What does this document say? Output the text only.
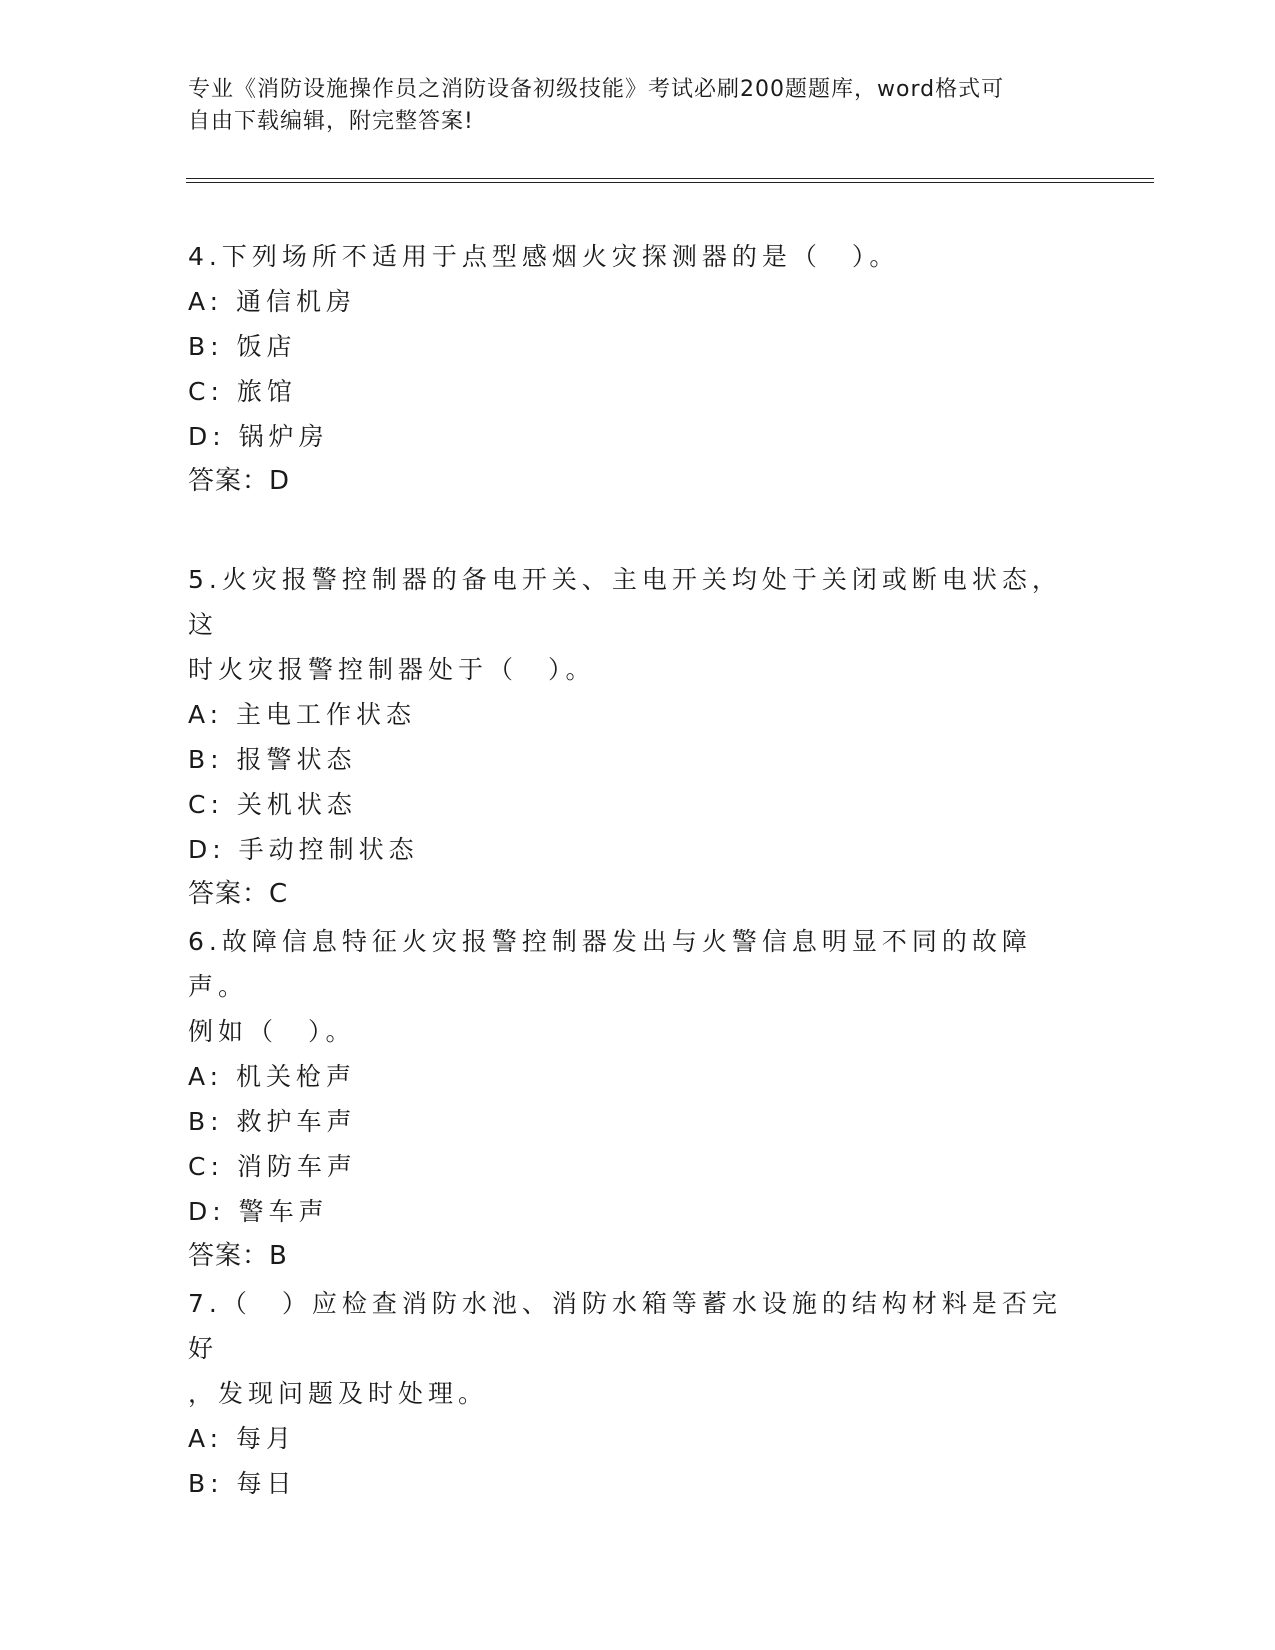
专业《消防设施操作员之消防设备初级技能》考试必刷200题题库，word格式可
自由下载编辑，附完整答案!

4.下列场所不适用于点型感烟火灾探测器的是（　）。

A: 通信机房

B: 饭店

C: 旅馆

D: 锅炉房

答案：D

5.火灾报警控制器的备电开关、主电开关均处于关闭或断电状态，这

时火灾报警控制器处于（　）。

A: 主电工作状态

B: 报警状态

C: 关机状态

D: 手动控制状态

答案：C

6.故障信息特征火灾报警控制器发出与火警信息明显不同的故障声。

例如（　）。

A: 机关枪声

B: 救护车声

C: 消防车声

D: 警车声

答案：B

7.（　）应检查消防水池、消防水箱等蓄水设施的结构材料是否完好

，发现问题及时处理。

A: 每月

B: 每日
